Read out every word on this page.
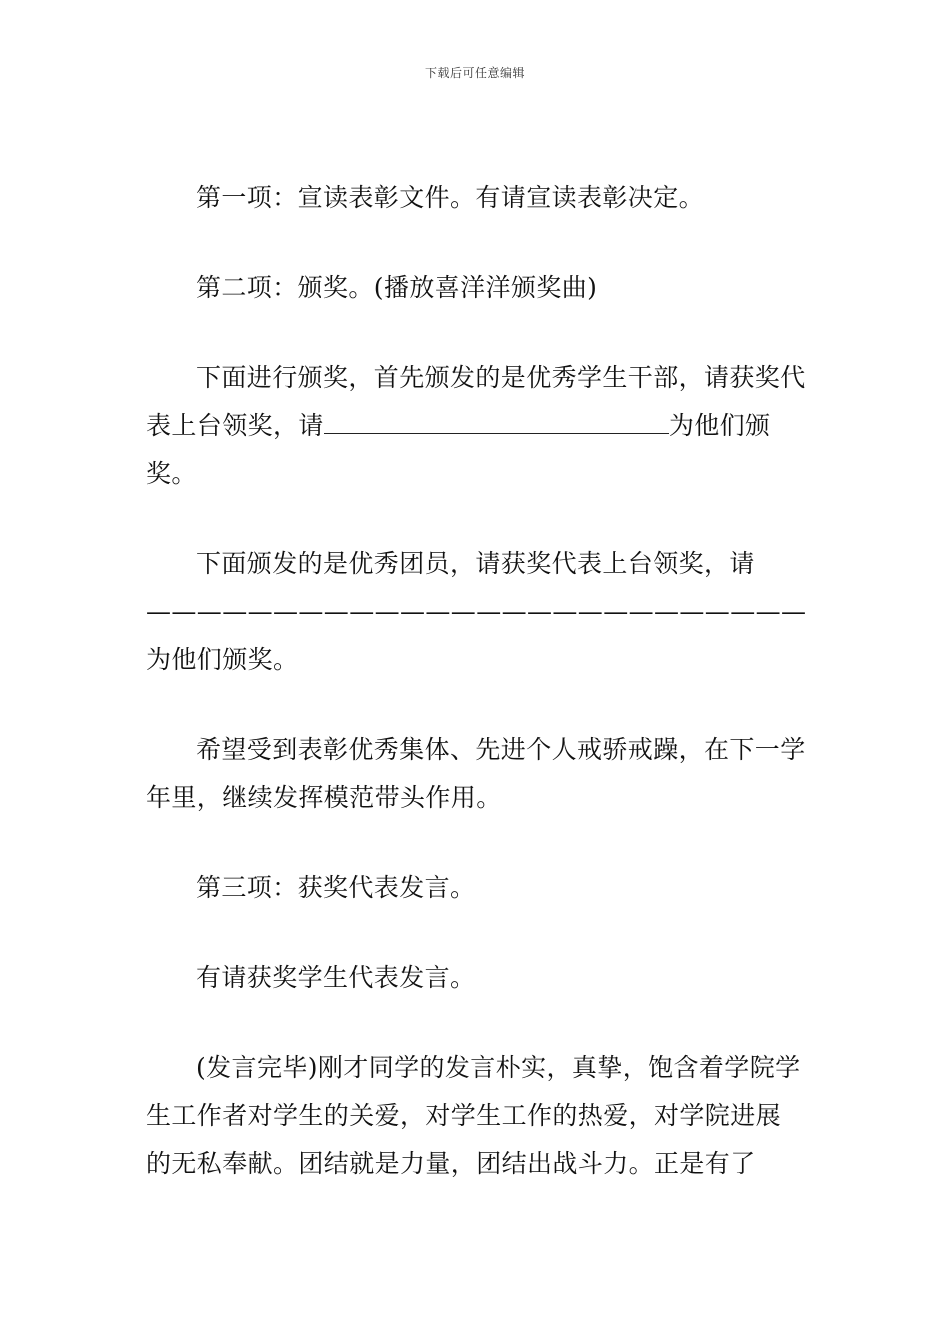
下载后可任意编辑

第一项：宣读表彰文件。有请宣读表彰决定。

第二项：颁奖。(播放喜洋洋颁奖曲)

下面进行颁奖，首先颁发的是优秀学生干部，请获奖代表上台领奖，请	为他们颁奖。

下面颁发的是优秀团员，请获奖代表上台领奖，请——————————————————————————为他们颁奖。

希望受到表彰优秀集体、先进个人戒骄戒躁，在下一学年里，继续发挥模范带头作用。

第三项：获奖代表发言。

有请获奖学生代表发言。

(发言完毕)刚才同学的发言朴实，真挚，饱含着学院学生工作者对学生的关爱，对学生工作的热爱，对学院进展的无私奉献。团结就是力量，团结出战斗力。正是有了
